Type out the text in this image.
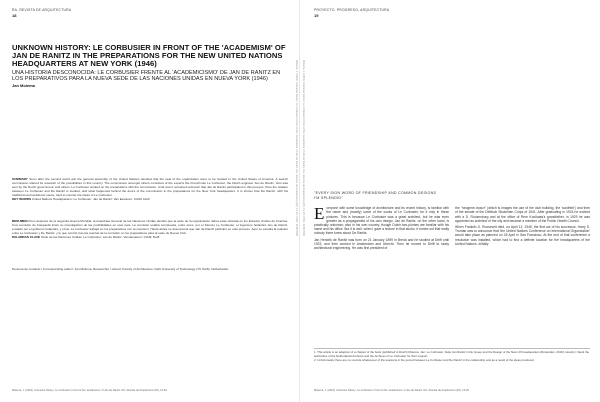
RA. REVISTA DE ARQUITECTURA
18
UNKNOWN HISTORY: LE CORBUSIER IN FRONT OF THE 'ACADEMISM' OF JAN DE RANITZ IN THE PREPARATIONS FOR THE NEW UNITED NATIONS HEADQUARTERS AT NEW YORK (1946)
UNA HISTORIA DESCONOCIDA: LE CORBUSIER FRENTE AL 'ACADEMICISMO' DE JAN DE RANITZ EN LOS PREPARATIVOS PARA LA NUEVA SEDE DE LAS NACIONES UNIDAS EN NUEVA YORK (1946)
Jan Molema

SUMMARY Soon after the second world war the general assembly of the United Nations decided that the seat of the organization were to be located in the United States of America. A search commission started its research of the possibilities in this country. The commission amongst others consisted of the experts the Frenchman Le Corbusier, the Dutch engineer Jan de Ranitz, who was sent by the Dutch government, and others. Le Corbusier worked on the preparations with the commission. Until now it remained unknown that Jan de Ranitz participated in this process. Here the relation between Le Corbusier and De Ranitz is studied, and what happened behind the doors of the commission in the preparations for the New York headquarters. It is shown how De Ranitz, with his traditional and academic views, tried to counter the ideas of Le Corbusier.

KEY WORDS United Nations Headquarters; Le Corbusier; Jan de Ranitz; Van Eesteren; CIAM; Delft

RESUMEN Poco después de la segunda Guerra Mundial, la Asamblea General de las Naciones Unidas decidió que la sede de la organización debía estar ubicada en los Estados Unidos de América. Una comisión de búsqueda inició su investigación de las posibilidades en este país. La comisión estaba compuesta, entre otros, por el francés Le Corbusier, el ingeniero holandés Jan de Ranitz, enviado por el gobierno holandés, y otros. Le Corbusier trabajó en los preparativos con la comisión. Hasta ahora se desconocía que Jan de Ranitz participó en este proceso. Aquí se estudia la relación entre Le Corbusier y De Ranitz, y lo que ocurrió tras las puertas de la comisión en los preparativos para la sede de Nueva York.

PALABRAS CLAVE Sede de las Naciones Unidas; Le Corbusier; Jan de Ranitz; Van Eesteren; CIAM; Delft

Persona de contacto / Corresponding author: Jan Molema. Researcher / retired, Faculty of Architecture, Delft University of Technology (TU Delft), Netherlands.

Molema, J. (2016). Unknown history: Le Corbusier in front of the 'academism' of Jan de Ranitz. RA. Revista de Arquitectura (18), 13-30. ISSN: 1138-5596
Molema, J. (2016). Unknown history: Le Corbusier in front of the 'academism' of Jan de Ranitz. RA. Revista de Arquitectura (18), 13-30.
PROYECTO, PROGRESO, ARQUITECTURA
19
"EVERY SIGN WORD OF FRIENDSHIP AND COMMON DESIGNS I'M SPLENDID"

Everyone with some knowledge of architecture and its recent history, is familiar with the name and (mostly) some of the works of Le Corbusier, be it only in these pictures. This is because Le Corbusier was a great architect, but he was even greater as a propagandist of his own design. Jan de Ranitz, on the other hand, is practically unknown; also in his own country, though Dutch two-plumes are familiar with his name and his office. But it is well, when I gave a lecture in that studio, it turned out that really nobody there knew about De Ranitz.

Jan Hendrik de Ranitz was born on 21 January 1899 in Breda and he studied at Delft until 1923, and then worked in Amsterdam and Utrecht. Then he moved to Delft to study architectural engineering. He was first president of

the "neogene-moscr" (which is images the use of the club building, the 'sociëteit') and then of the senate of the Delftsch Studenten Corps of 1941. After graduating in 1924 he worked with a D. Roosenburg and at the office of Rem Koolhaas's grandfather, in 1929 he was appointed as architect of the city and became a member of the Public Health Council.

When Franklin D. Roosevelt died, on April 12, 1945, the first act of his successor, Harry S. Truman was to announce that 'the United Nations Conference on International Organization' would take place as planned on 25 April in San Francisco. At the end of that conference a resolution was installed, which had to find a definite location for the headquarters of the United Nations. Initially

Molema, J. (2016). Unknown history: Le Corbusier in front of the 'academism' of Jan de Ranitz. RA. Revista de Arquitectura (18), 13-30. ISSN: 1138-5596

1. This article is an adaption of a chapter of the book (published in Dutch) Molema, Jan: Le Corbusier, Sulje Jan Ranitz in De Groep and the Design of the New UN headquarters (Rotterdam, 2016). Hereby I thank the authorities of the Netherlands Archives and the Archives of Le Corbusier for their support.

2. Unfortunately there are no records whatsoever of the sessions in the period between Le Corbusier and De Ranitz in the relationship and as a result of the ideas produced.

Molema, J. (2016). Unknown history: Le Corbusier in front of the 'academism' of Jan de Ranitz. RA. Revista de Arquitectura (18), 13-30.
